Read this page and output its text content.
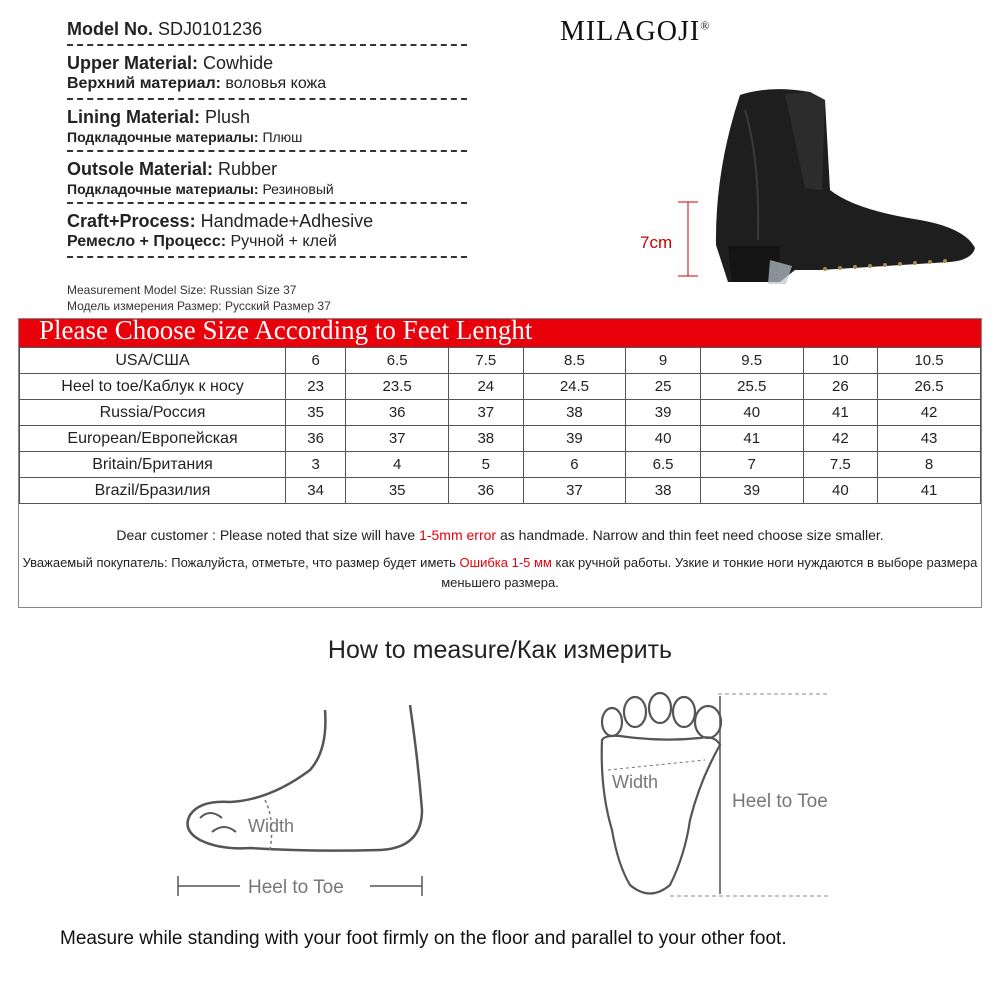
Model No. SDJ0101236
Upper Material: Cowhide
Верхний материал: воловья кожа
Lining Material: Plush
Подкладочные материалы: Плюш
Outsole Material: Rubber
Подкладочные материалы: Резиновый
Craft+Process: Handmade+Adhesive
Ремесло + Процесс: Ручной + клей
Measurement Model Size: Russian Size 37
Модель измерения Размер: Русский Размер 37
MILAGOJI®
7cm
Please Choose Size According to Feet Lenght
USA/СШA	6	6.5	7.5	8.5	9	9.5	10	10.5
Heel to toe/Каблук к носу	23	23.5	24	24.5	25	25.5	26	26.5
Russia/Россия	35	36	37	38	39	40	41	42
European/Европейская	36	37	38	39	40	41	42	43
Britain/Британия	3	4	5	6	6.5	7	7.5	8
Brazil/Бразилия	34	35	36	37	38	39	40	41
Dear customer : Please noted that size will have 1-5mm error as handmade. Narrow and thin feet need choose size smaller.
Уважаемый покупатель: Пожалуйста, отметьте, что размер будет иметь Ошибка 1-5 мм как ручной работы. Узкие и тонкие ноги нуждаются в выборе размера меньшего размера.
How to measure/Как измерить
Width
Heel to Toe
Width
Heel to Toe
Measure while standing with your foot firmly on the floor and parallel to your other foot.
